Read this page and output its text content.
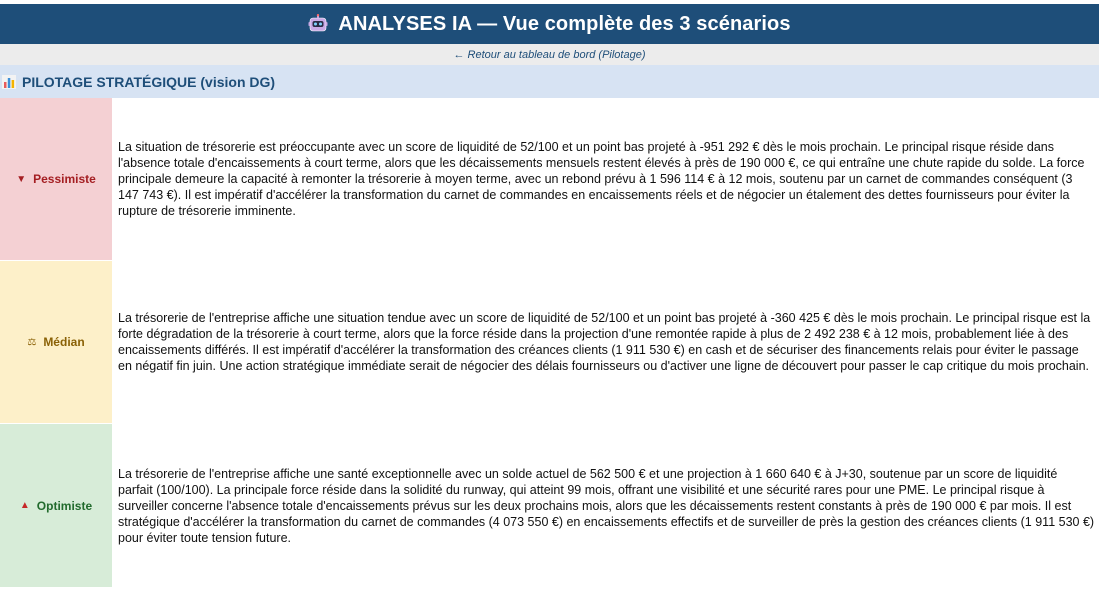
ANALYSES IA — Vue complète des 3 scénarios
← Retour au tableau de bord (Pilotage)
PILOTAGE STRATÉGIQUE (vision DG)
▼ Pessimiste
La situation de trésorerie est préoccupante avec un score de liquidité de 52/100 et un point bas projeté à -951 292 € dès le mois prochain. Le principal risque réside dans l'absence totale d'encaissements à court terme, alors que les décaissements mensuels restent élevés à près de 190 000 €, ce qui entraîne une chute rapide du solde. La force principale demeure la capacité à remonter la trésorerie à moyen terme, avec un rebond prévu à 1 596 114 € à 12 mois, soutenu par un carnet de commandes conséquent (3 147 743 €). Il est impératif d'accélérer la transformation du carnet de commandes en encaissements réels et de négocier un étalement des dettes fournisseurs pour éviter la rupture de trésorerie imminente.
⚖ Médian
La trésorerie de l'entreprise affiche une situation tendue avec un score de liquidité de 52/100 et un point bas projeté à -360 425 € dès le mois prochain. Le principal risque est la forte dégradation de la trésorerie à court terme, alors que la force réside dans la projection d'une remontée rapide à plus de 2 492 238 € à 12 mois, probablement liée à des encaissements différés. Il est impératif d'accélérer la transformation des créances clients (1 911 530 €) en cash et de sécuriser des financements relais pour éviter le passage en négatif fin juin. Une action stratégique immédiate serait de négocier des délais fournisseurs ou d'activer une ligne de découvert pour passer le cap critique du mois prochain.
▲ Optimiste
La trésorerie de l'entreprise affiche une santé exceptionnelle avec un solde actuel de 562 500 € et une projection à 1 660 640 € à J+30, soutenue par un score de liquidité parfait (100/100). La principale force réside dans la solidité du runway, qui atteint 99 mois, offrant une visibilité et une sécurité rares pour une PME. Le principal risque à surveiller concerne l'absence totale d'encaissements prévus sur les deux prochains mois, alors que les décaissements restent constants à près de 190 000 € par mois. Il est stratégique d'accélérer la transformation du carnet de commandes (4 073 550 €) en encaissements effectifs et de surveiller de près la gestion des créances clients (1 911 530 €) pour éviter toute tension future.
